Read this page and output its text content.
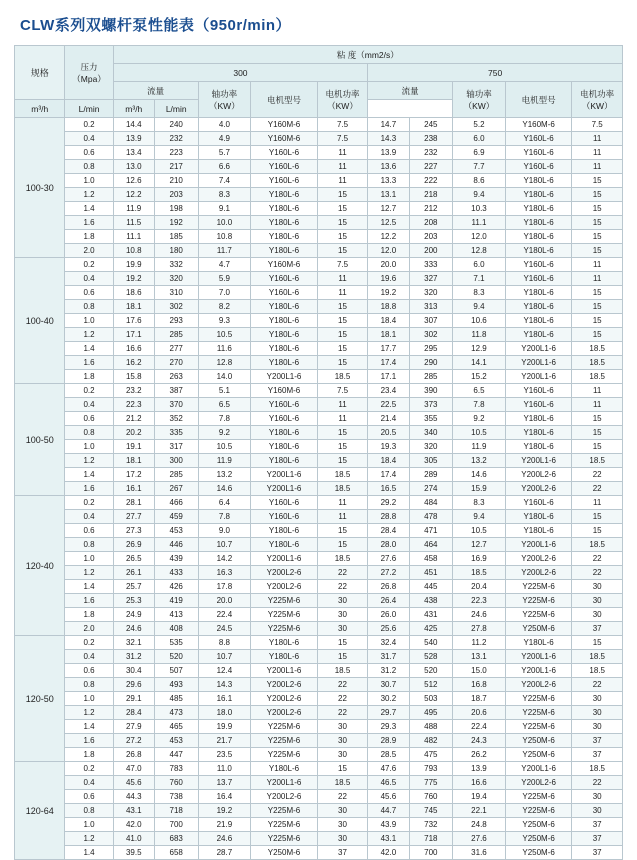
CLW系列双螺杆泵性能表（950r/min）
规格	压力
（Mpa）	粘 度（mm2/s）									
		300					750				
		流量		轴功率
（KW）	电机型号	电机功率
（KW）	流量		轴功率
（KW）	电机型号	电机功率
（KW）
m³/h	L/min	m³/h	L/min								
100-30	0.2	14.4	240	4.0	Y160M-6	7.5	14.7	245	5.2	Y160M-6	7.5
	0.4	13.9	232	4.9	Y160M-6	7.5	14.3	238	6.0	Y160L-6	11
	0.6	13.4	223	5.7	Y160L-6	11	13.9	232	6.9	Y160L-6	11
	0.8	13.0	217	6.6	Y160L-6	11	13.6	227	7.7	Y160L-6	11
	1.0	12.6	210	7.4	Y160L-6	11	13.3	222	8.6	Y180L-6	15
	1.2	12.2	203	8.3	Y180L-6	15	13.1	218	9.4	Y180L-6	15
	1.4	11.9	198	9.1	Y180L-6	15	12.7	212	10.3	Y180L-6	15
	1.6	11.5	192	10.0	Y180L-6	15	12.5	208	11.1	Y180L-6	15
	1.8	11.1	185	10.8	Y180L-6	15	12.2	203	12.0	Y180L-6	15
	2.0	10.8	180	11.7	Y180L-6	15	12.0	200	12.8	Y180L-6	15
100-40	0.2	19.9	332	4.7	Y160M-6	7.5	20.0	333	6.0	Y160L-6	11
	0.4	19.2	320	5.9	Y160L-6	11	19.6	327	7.1	Y160L-6	11
	0.6	18.6	310	7.0	Y160L-6	11	19.2	320	8.3	Y180L-6	15
	0.8	18.1	302	8.2	Y180L-6	15	18.8	313	9.4	Y180L-6	15
	1.0	17.6	293	9.3	Y180L-6	15	18.4	307	10.6	Y180L-6	15
	1.2	17.1	285	10.5	Y180L-6	15	18.1	302	11.8	Y180L-6	15
	1.4	16.6	277	11.6	Y180L-6	15	17.7	295	12.9	Y200L1-6	18.5
	1.6	16.2	270	12.8	Y180L-6	15	17.4	290	14.1	Y200L1-6	18.5
	1.8	15.8	263	14.0	Y200L1-6	18.5	17.1	285	15.2	Y200L1-6	18.5
100-50	0.2	23.2	387	5.1	Y160M-6	7.5	23.4	390	6.5	Y160L-6	11
	0.4	22.3	370	6.5	Y160L-6	11	22.5	373	7.8	Y160L-6	11
	0.6	21.2	352	7.8	Y160L-6	11	21.4	355	9.2	Y180L-6	15
	0.8	20.2	335	9.2	Y180L-6	15	20.5	340	10.5	Y180L-6	15
	1.0	19.1	317	10.5	Y180L-6	15	19.3	320	11.9	Y180L-6	15
	1.2	18.1	300	11.9	Y180L-6	15	18.4	305	13.2	Y200L1-6	18.5
	1.4	17.2	285	13.2	Y200L1-6	18.5	17.4	289	14.6	Y200L2-6	22
	1.6	16.1	267	14.6	Y200L1-6	18.5	16.5	274	15.9	Y200L2-6	22
120-40	0.2	28.1	466	6.4	Y160L-6	11	29.2	484	8.3	Y160L-6	11
	0.4	27.7	459	7.8	Y160L-6	11	28.8	478	9.4	Y180L-6	15
	0.6	27.3	453	9.0	Y180L-6	15	28.4	471	10.5	Y180L-6	15
	0.8	26.9	446	10.7	Y180L-6	15	28.0	464	12.7	Y200L1-6	18.5
	1.0	26.5	439	14.2	Y200L1-6	18.5	27.6	458	16.9	Y200L2-6	22
	1.2	26.1	433	16.3	Y200L2-6	22	27.2	451	18.5	Y200L2-6	22
	1.4	25.7	426	17.8	Y200L2-6	22	26.8	445	20.4	Y225M-6	30
	1.6	25.3	419	20.0	Y225M-6	30	26.4	438	22.3	Y225M-6	30
	1.8	24.9	413	22.4	Y225M-6	30	26.0	431	24.6	Y225M-6	30
	2.0	24.6	408	24.5	Y225M-6	30	25.6	425	27.8	Y250M-6	37
120-50	0.2	32.1	535	8.8	Y180L-6	15	32.4	540	11.2	Y180L-6	15
	0.4	31.2	520	10.7	Y180L-6	15	31.7	528	13.1	Y200L1-6	18.5
	0.6	30.4	507	12.4	Y200L1-6	18.5	31.2	520	15.0	Y200L1-6	18.5
	0.8	29.6	493	14.3	Y200L2-6	22	30.7	512	16.8	Y200L2-6	22
	1.0	29.1	485	16.1	Y200L2-6	22	30.2	503	18.7	Y225M-6	30
	1.2	28.4	473	18.0	Y200L2-6	22	29.7	495	20.6	Y225M-6	30
	1.4	27.9	465	19.9	Y225M-6	30	29.3	488	22.4	Y225M-6	30
	1.6	27.2	453	21.7	Y225M-6	30	28.9	482	24.3	Y250M-6	37
	1.8	26.8	447	23.5	Y225M-6	30	28.5	475	26.2	Y250M-6	37
120-64	0.2	47.0	783	11.0	Y180L-6	15	47.6	793	13.9	Y200L1-6	18.5
	0.4	45.6	760	13.7	Y200L1-6	18.5	46.5	775	16.6	Y200L2-6	22
	0.6	44.3	738	16.4	Y200L2-6	22	45.6	760	19.4	Y225M-6	30
	0.8	43.1	718	19.2	Y225M-6	30	44.7	745	22.1	Y225M-6	30
	1.0	42.0	700	21.9	Y225M-6	30	43.9	732	24.8	Y250M-6	37
	1.2	41.0	683	24.6	Y225M-6	30	43.1	718	27.6	Y250M-6	37
	1.4	39.5	658	28.7	Y250M-6	37	42.0	700	31.6	Y250M-6	37
